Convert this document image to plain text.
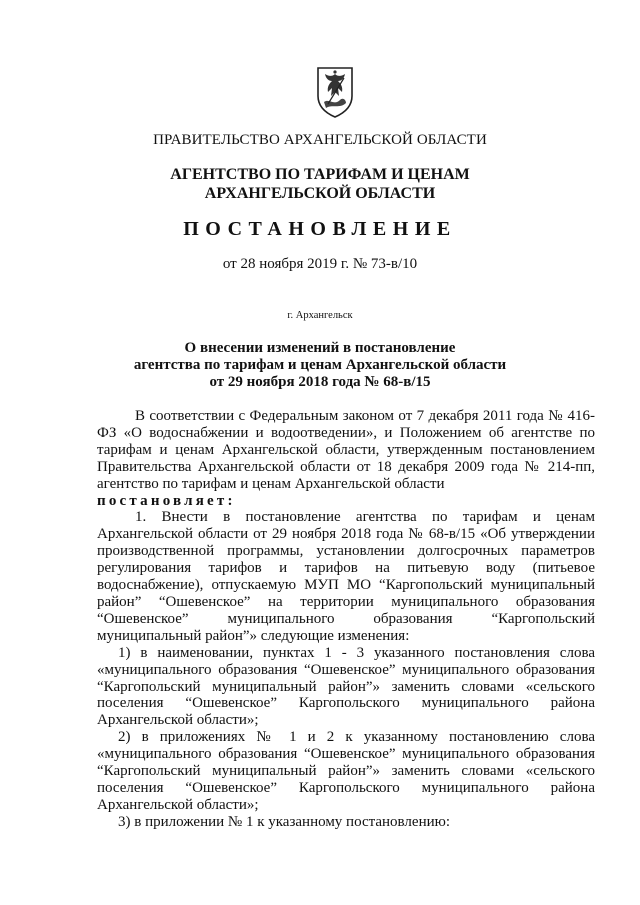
ПРАВИТЕЛЬСТВО АРХАНГЕЛЬСКОЙ ОБЛАСТИ
АГЕНТСТВО ПО ТАРИФАМ И ЦЕНАМ
АРХАНГЕЛЬСКОЙ ОБЛАСТИ
ПОСТАНОВЛЕНИЕ
от 28 ноября 2019 г. № 73-в/10
г. Архангельск
О внесении изменений в постановление
агентства по тарифам и ценам Архангельской области
от 29 ноября 2018 года № 68-в/15

В соответствии с Федеральным законом от 7 декабря 2011 года № 416-ФЗ «О водоснабжении и водоотведении», и Положением об агентстве по тарифам и ценам Архангельской области, утвержденным постановлением Правительства Архангельской области от 18 декабря 2009 года № 214-пп, агентство по тарифам и ценам Архангельской области

постановляет:

1. Внести в постановление агентства по тарифам и ценам Архангельской области от 29 ноября 2018 года № 68-в/15 «Об утверждении производственной программы, установлении долгосрочных параметров регулирования тарифов и тарифов на питьевую воду (питьевое водоснабжение), отпускаемую МУП МО “Каргопольский муниципальный район” “Ошевенское” на территории муниципального образования “Ошевенское” муниципального образования “Каргопольский муниципальный район”» следующие изменения:

1) в наименовании, пунктах 1 - 3 указанного постановления слова «муниципального образования “Ошевенское” муниципального образования “Каргопольский муниципальный район”» заменить словами «сельского поселения “Ошевенское” Каргопольского муниципального района Архангельской области»;

2) в приложениях № 1 и 2 к указанному постановлению слова «муниципального образования “Ошевенское” муниципального образования “Каргопольский муниципальный район”» заменить словами «сельского поселения “Ошевенское” Каргопольского муниципального района Архангельской области»;

3) в приложении № 1 к указанному постановлению:
